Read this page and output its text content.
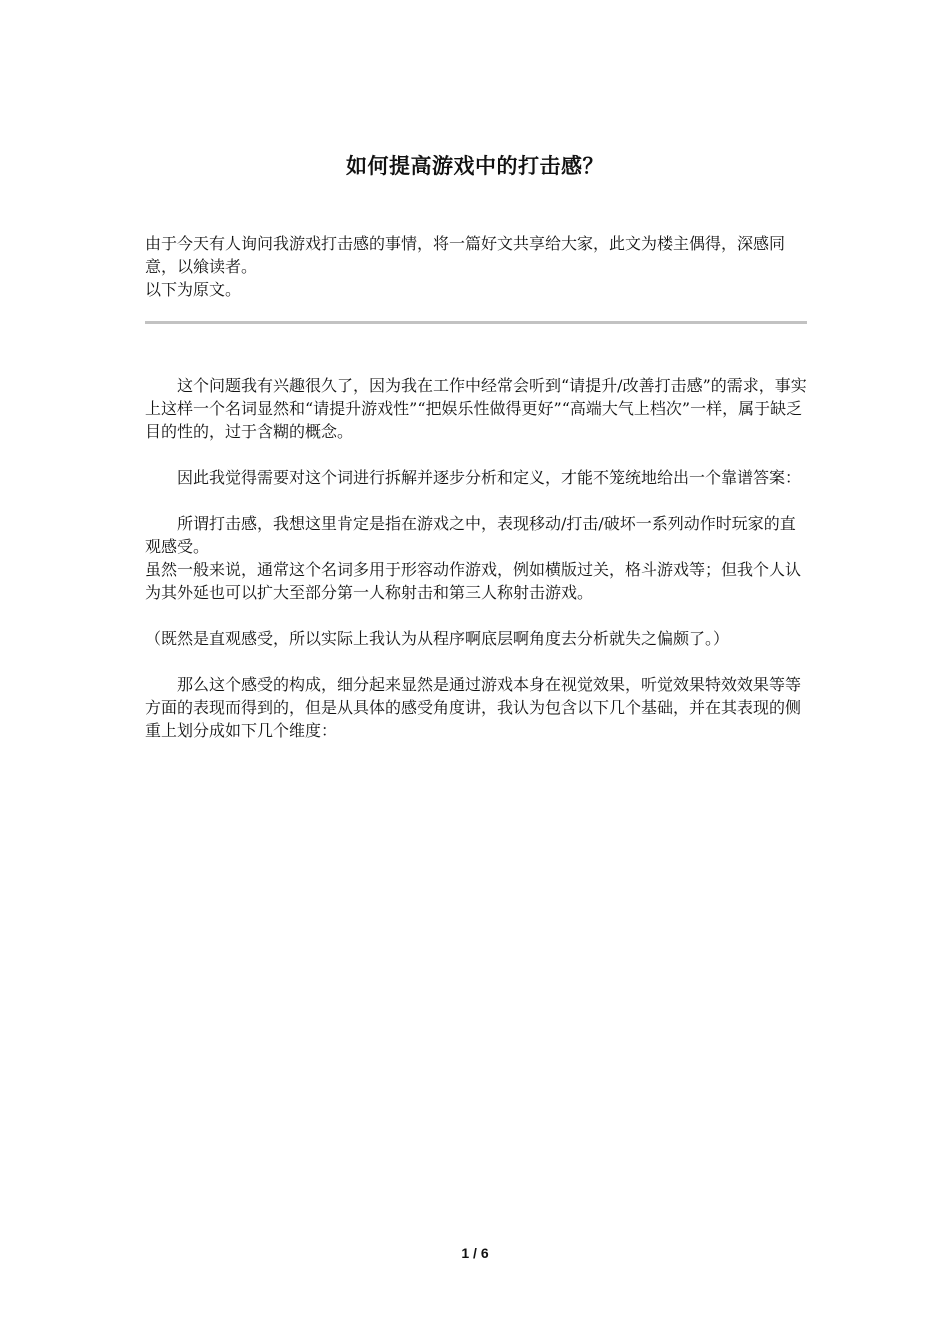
如何提高游戏中的打击感？

由于今天有人询问我游戏打击感的事情，将一篇好文共享给大家，此文为楼主偶得，深感同意，以飨读者。

以下为原文。

这个问题我有兴趣很久了，因为我在工作中经常会听到“请提升/改善打击感”的需求，事实上这样一个名词显然和“请提升游戏性”“把娱乐性做得更好”“高端大气上档次”一样，属于缺乏目的性的，过于含糊的概念。

因此我觉得需要对这个词进行拆解并逐步分析和定义，才能不笼统地给出一个靠谱答案：

所谓打击感，我想这里肯定是指在游戏之中，表现移动/打击/破坏一系列动作时玩家的直观感受。

虽然一般来说，通常这个名词多用于形容动作游戏，例如横版过关，格斗游戏等；但我个人认为其外延也可以扩大至部分第一人称射击和第三人称射击游戏。

（既然是直观感受，所以实际上我认为从程序啊底层啊角度去分析就失之偏颇了。）

那么这个感受的构成，细分起来显然是通过游戏本身在视觉效果，听觉效果特效效果等等方面的表现而得到的，但是从具体的感受角度讲，我认为包含以下几个基础，并在其表现的侧重上划分成如下几个维度：

1 / 6
